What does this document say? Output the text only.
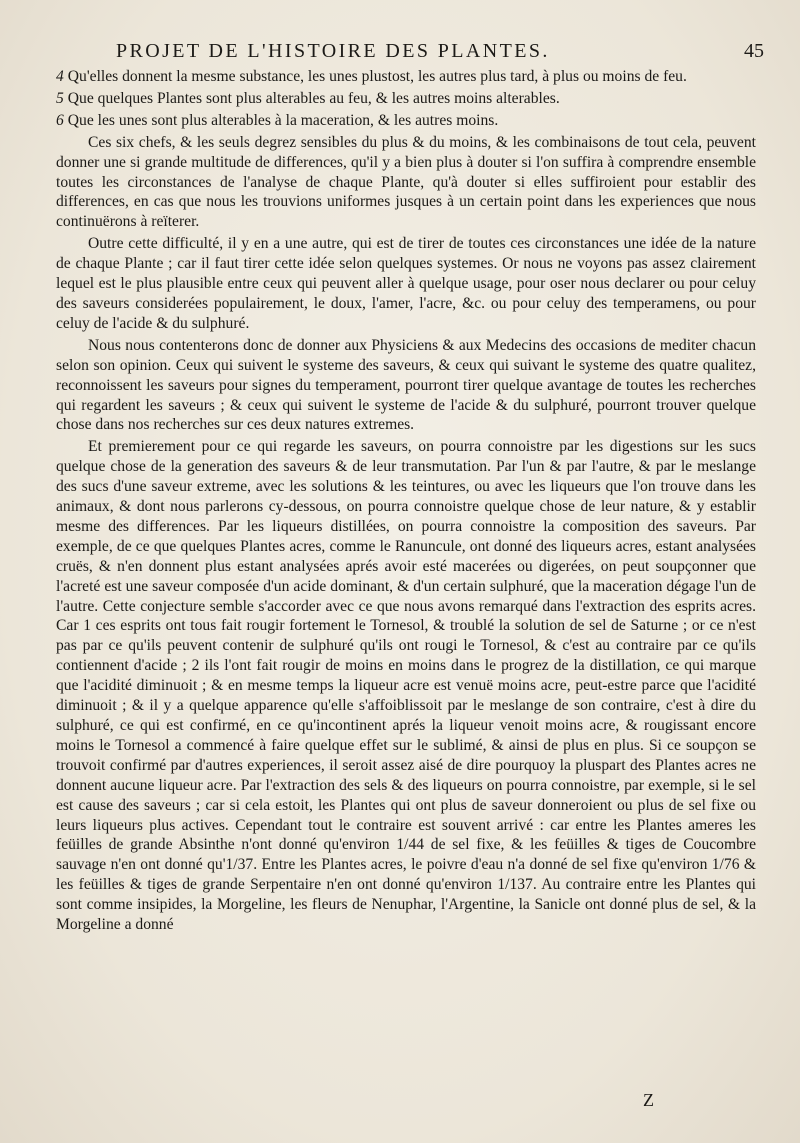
PROJET DE L'HISTOIRE DES PLANTES.	45

4 Qu'elles donnent la mesme substance, les unes plustost, les autres plus tard, à plus ou moins de feu.

5 Que quelques Plantes sont plus alterables au feu, & les autres moins alterables.

6 Que les unes sont plus alterables à la maceration, & les autres moins.

Ces six chefs, & les seuls degrez sensibles du plus & du moins, & les combinaisons de tout cela, peuvent donner une si grande multitude de differences, qu'il y a bien plus à douter si l'on suffira à comprendre ensemble toutes les circonstances de l'analyse de chaque Plante, qu'à douter si elles suffiroient pour establir des differences, en cas que nous les trouvions uniformes jusques à un certain point dans les experiences que nous continuërons à reïterer.

Outre cette difficulté, il y en a une autre, qui est de tirer de toutes ces circonstances une idée de la nature de chaque Plante ; car il faut tirer cette idée selon quelques systemes. Or nous ne voyons pas assez clairement lequel est le plus plausible entre ceux qui peuvent aller à quelque usage, pour oser nous declarer ou pour celuy des saveurs considerées populairement, le doux, l'amer, l'acre, &c. ou pour celuy des temperamens, ou pour celuy de l'acide & du sulphuré.

Nous nous contenterons donc de donner aux Physiciens & aux Medecins des occasions de mediter chacun selon son opinion. Ceux qui suivent le systeme des saveurs, & ceux qui suivant le systeme des quatre qualitez, reconnoissent les saveurs pour signes du temperament, pourront tirer quelque avantage de toutes les recherches qui regardent les saveurs ; & ceux qui suivent le systeme de l'acide & du sulphuré, pourront trouver quelque chose dans nos recherches sur ces deux natures extremes.

Et premierement pour ce qui regarde les saveurs, on pourra connoistre par les digestions sur les sucs quelque chose de la generation des saveurs & de leur transmutation. Par l'un & par l'autre, & par le meslange des sucs d'une saveur extreme, avec les solutions & les teintures, ou avec les liqueurs que l'on trouve dans les animaux, & dont nous parlerons cy-dessous, on pourra connoistre quelque chose de leur nature, & y establir mesme des differences. Par les liqueurs distillées, on pourra connoistre la composition des saveurs. Par exemple, de ce que quelques Plantes acres, comme le Ranuncule, ont donné des liqueurs acres, estant analysées cruës, & n'en donnent plus estant analysées aprés avoir esté macerées ou digerées, on peut soupçonner que l'acreté est une saveur composée d'un acide dominant, & d'un certain sulphuré, que la maceration dégage l'un de l'autre. Cette conjecture semble s'accorder avec ce que nous avons remarqué dans l'extraction des esprits acres. Car 1 ces esprits ont tous fait rougir fortement le Tornesol, & troublé la solution de sel de Saturne ; or ce n'est pas par ce qu'ils peuvent contenir de sulphuré qu'ils ont rougi le Tornesol, & c'est au contraire par ce qu'ils contiennent d'acide ; 2 ils l'ont fait rougir de moins en moins dans le progrez de la distillation, ce qui marque que l'acidité diminuoit ; & en mesme temps la liqueur acre est venuë moins acre, peut-estre parce que l'acidité diminuoit ; & il y a quelque apparence qu'elle s'affoiblissoit par le meslange de son contraire, c'est à dire du sulphuré, ce qui est confirmé, en ce qu'incontinent aprés la liqueur venoit moins acre, & rougissant encore moins le Tornesol a commencé à faire quelque effet sur le sublimé, & ainsi de plus en plus. Si ce soupçon se trouvoit confirmé par d'autres experiences, il seroit assez aisé de dire pourquoy la pluspart des Plantes acres ne donnent aucune liqueur acre. Par l'extraction des sels & des liqueurs on pourra connoistre, par exemple, si le sel est cause des saveurs ; car si cela estoit, les Plantes qui ont plus de saveur donneroient ou plus de sel fixe ou leurs liqueurs plus actives. Cependant tout le contraire est souvent arrivé : car entre les Plantes ameres les feüilles de grande Absinthe n'ont donné qu'environ 1/44 de sel fixe, & les feüilles & tiges de Coucombre sauvage n'en ont donné qu'1/37. Entre les Plantes acres, le poivre d'eau n'a donné de sel fixe qu'environ 1/76 & les feüilles & tiges de grande Serpentaire n'en ont donné qu'environ 1/137. Au contraire entre les Plantes qui sont comme insipides, la Morgeline, les fleurs de Nenuphar, l'Argentine, la Sanicle ont donné plus de sel, & la Morgeline a donné

Z
